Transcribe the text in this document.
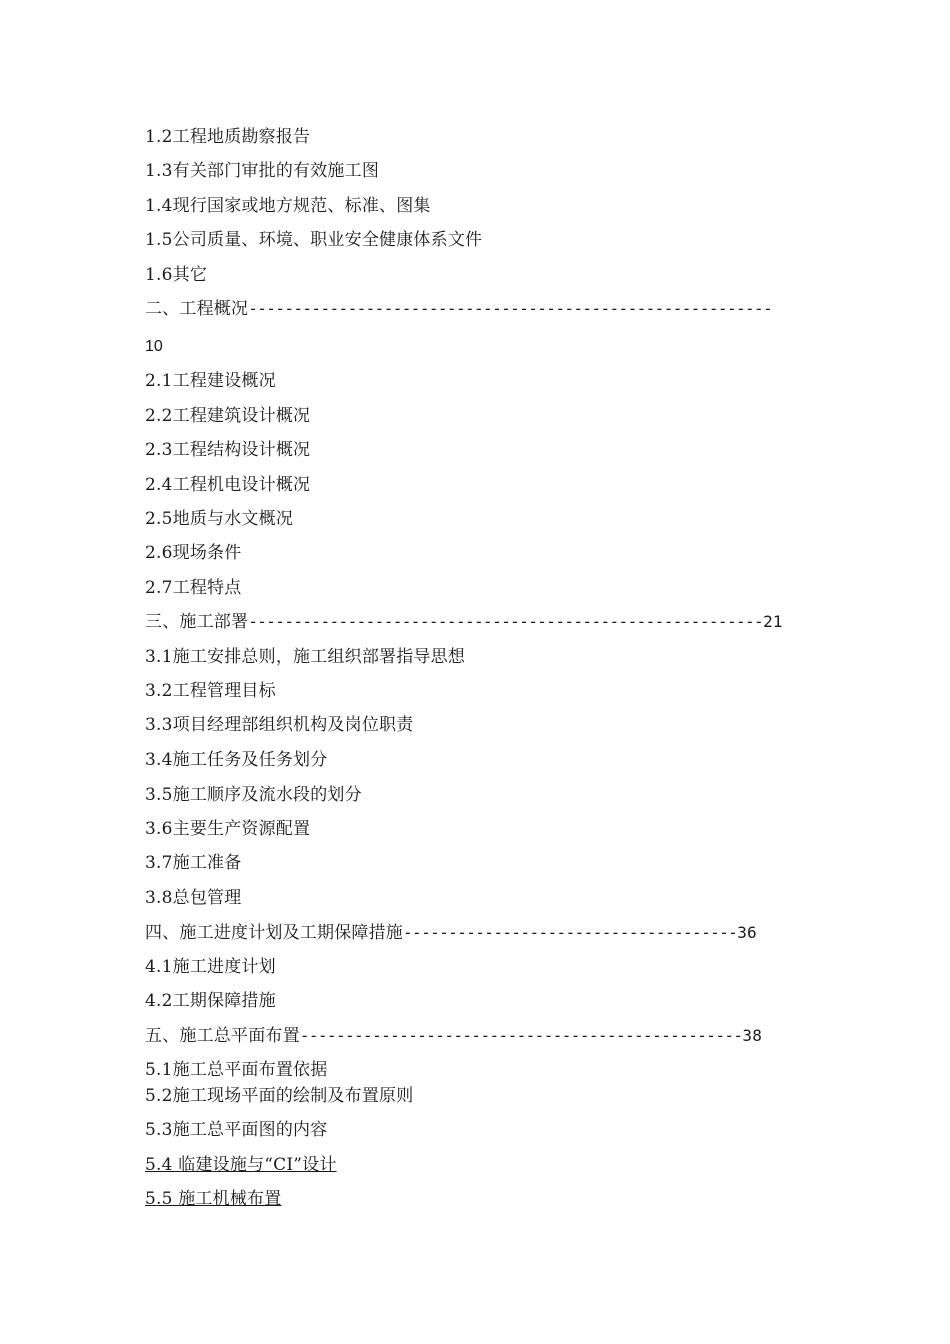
1.2工程地质勘察报告
1.3有关部门审批的有效施工图
1.4现行国家或地方规范、标准、图集
1.5公司质量、环境、职业安全健康体系文件
1.6其它
二、工程概况----------------------------------------------------------
10
2.1工程建设概况
2.2工程建筑设计概况
2.3工程结构设计概况
2.4工程机电设计概况
2.5地质与水文概况
2.6现场条件
2.7工程特点
三、施工部署---------------------------------------------------------21
3.1施工安排总则，施工组织部署指导思想
3.2工程管理目标
3.3项目经理部组织机构及岗位职责
3.4施工任务及任务划分
3.5施工顺序及流水段的划分
3.6主要生产资源配置
3.7施工准备
3.8总包管理
四、施工进度计划及工期保障措施-------------------------------------36
4.1施工进度计划
4.2工期保障措施
五、施工总平面布置-------------------------------------------------38
5.1施工总平面布置依据
5.2施工现场平面的绘制及布置原则
5.3施工总平面图的内容
5.4 临建设施与“CI”设计
5.5 施工机械布置
